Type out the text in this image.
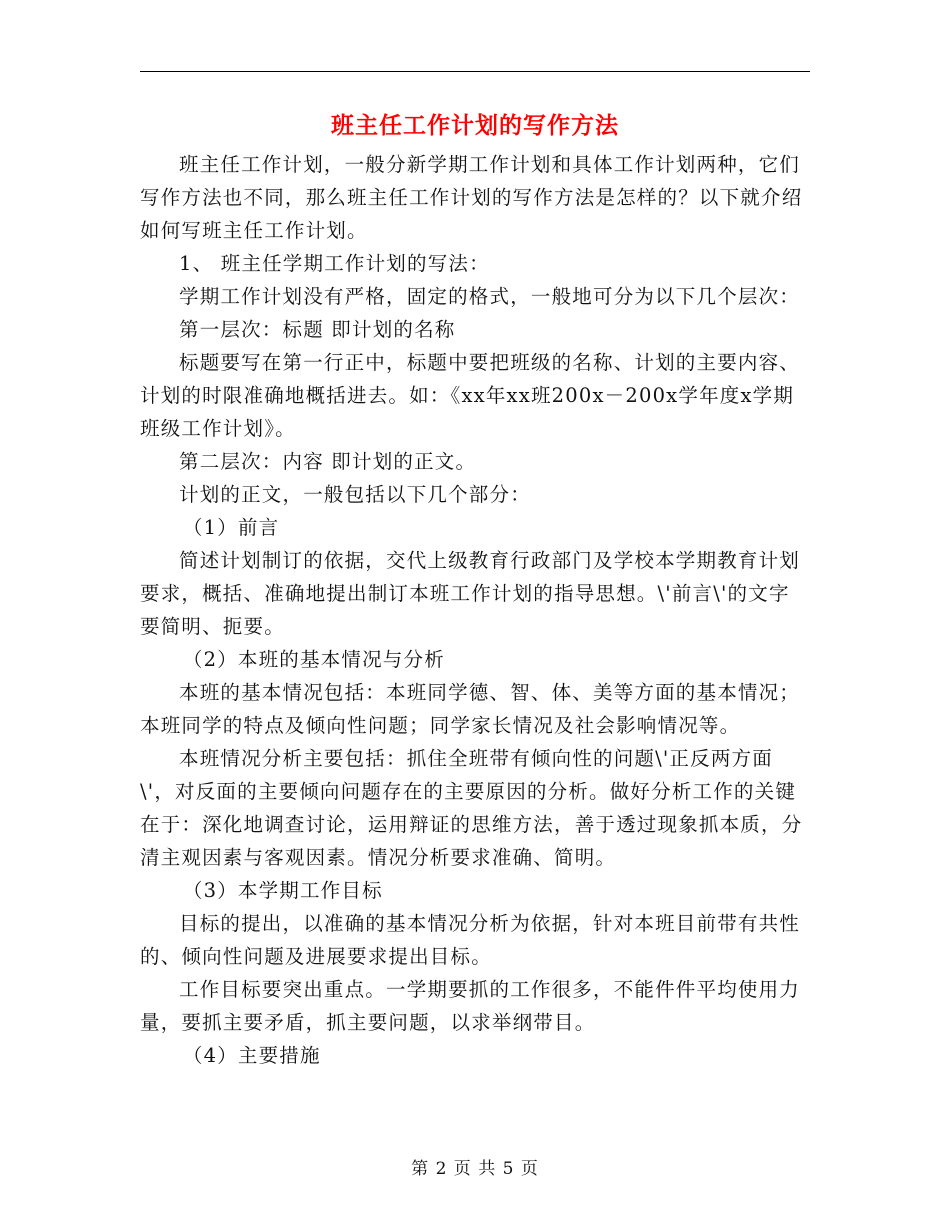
班主任工作计划的写作方法

班主任工作计划，一般分新学期工作计划和具体工作计划两种，它们写作方法也不同，那么班主任工作计划的写作方法是怎样的？以下就介绍 如何写班主任工作计划。

1、 班主任学期工作计划的写法：

学期工作计划没有严格，固定的格式，一般地可分为以下几个层次：

第一层次：标题 即计划的名称

标题要写在第一行正中，标题中要把班级的名称、计划的主要内容、计划的时限准确地概括进去。如：《xx年xx班200x－200x学年度x学期班级工作计划》。

第二层次：内容 即计划的正文。

计划的正文，一般包括以下几个部分：

（1）前言

简述计划制订的依据，交代上级教育行政部门及学校本学期教育计划要求，概括、准确地提出制订本班工作计划的指导思想。\'前言\'的文字要简明、扼要。

（2）本班的基本情况与分析

本班的基本情况包括：本班同学德、智、体、美等方面的基本情况；本班同学的特点及倾向性问题；同学家长情况及社会影响情况等。

本班情况分析主要包括：抓住全班带有倾向性的问题\'正反两方面\'，对反面的主要倾向问题存在的主要原因的分析。做好分析工作的关键在于：深化地调查讨论，运用辩证的思维方法，善于透过现象抓本质，分清主观因素与客观因素。情况分析要求准确、简明。

（3）本学期工作目标

目标的提出，以准确的基本情况分析为依据，针对本班目前带有共性的、倾向性问题及进展要求提出目标。

工作目标要突出重点。一学期要抓的工作很多，不能件件平均使用力量，要抓主要矛盾，抓主要问题，以求举纲带目。

（4）主要措施

第 2 页 共 5 页
